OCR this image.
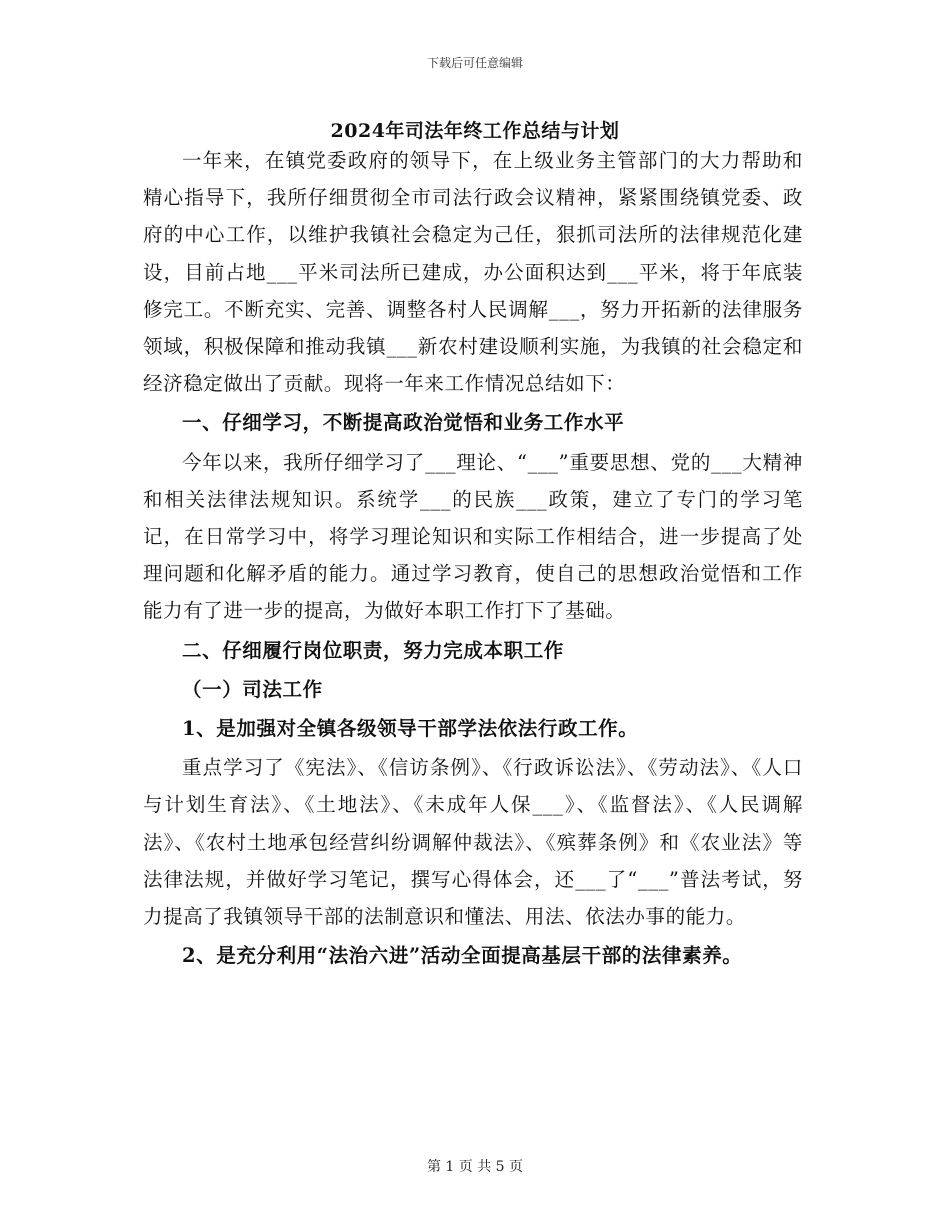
下载后可任意编辑
2024年司法年终工作总结与计划

一年来，在镇党委政府的领导下，在上级业务主管部门的大力帮助和精心指导下，我所仔细贯彻全市司法行政会议精神，紧紧围绕镇党委、政府的中心工作，以维护我镇社会稳定为己任，狠抓司法所的法律规范化建设，目前占地___平米司法所已建成，办公面积达到___平米，将于年底装修完工。不断充实、完善、调整各村人民调解___，努力开拓新的法律服务领域，积极保障和推动我镇___新农村建设顺利实施，为我镇的社会稳定和经济稳定做出了贡献。现将一年来工作情况总结如下：

一、仔细学习，不断提高政治觉悟和业务工作水平

今年以来，我所仔细学习了___理论、“___”重要思想、党的___大精神和相关法律法规知识。系统学___的民族___政策，建立了专门的学习笔记，在日常学习中，将学习理论知识和实际工作相结合，进一步提高了处理问题和化解矛盾的能力。通过学习教育，使自己的思想政治觉悟和工作能力有了进一步的提高，为做好本职工作打下了基础。

二、仔细履行岗位职责，努力完成本职工作

（一）司法工作

1、是加强对全镇各级领导干部学法依法行政工作。

重点学习了《宪法》、《信访条例》、《行政诉讼法》、《劳动法》、《人口与计划生育法》、《土地法》、《未成年人保___》、《监督法》、《人民调解法》、《农村土地承包经营纠纷调解仲裁法》、《殡葬条例》和《农业法》等法律法规，并做好学习笔记，撰写心得体会，还___了“___”普法考试，努力提高了我镇领导干部的法制意识和懂法、用法、依法办事的能力。

2、是充分利用“法治六进”活动全面提高基层干部的法律素养。

第 1 页 共 5 页
